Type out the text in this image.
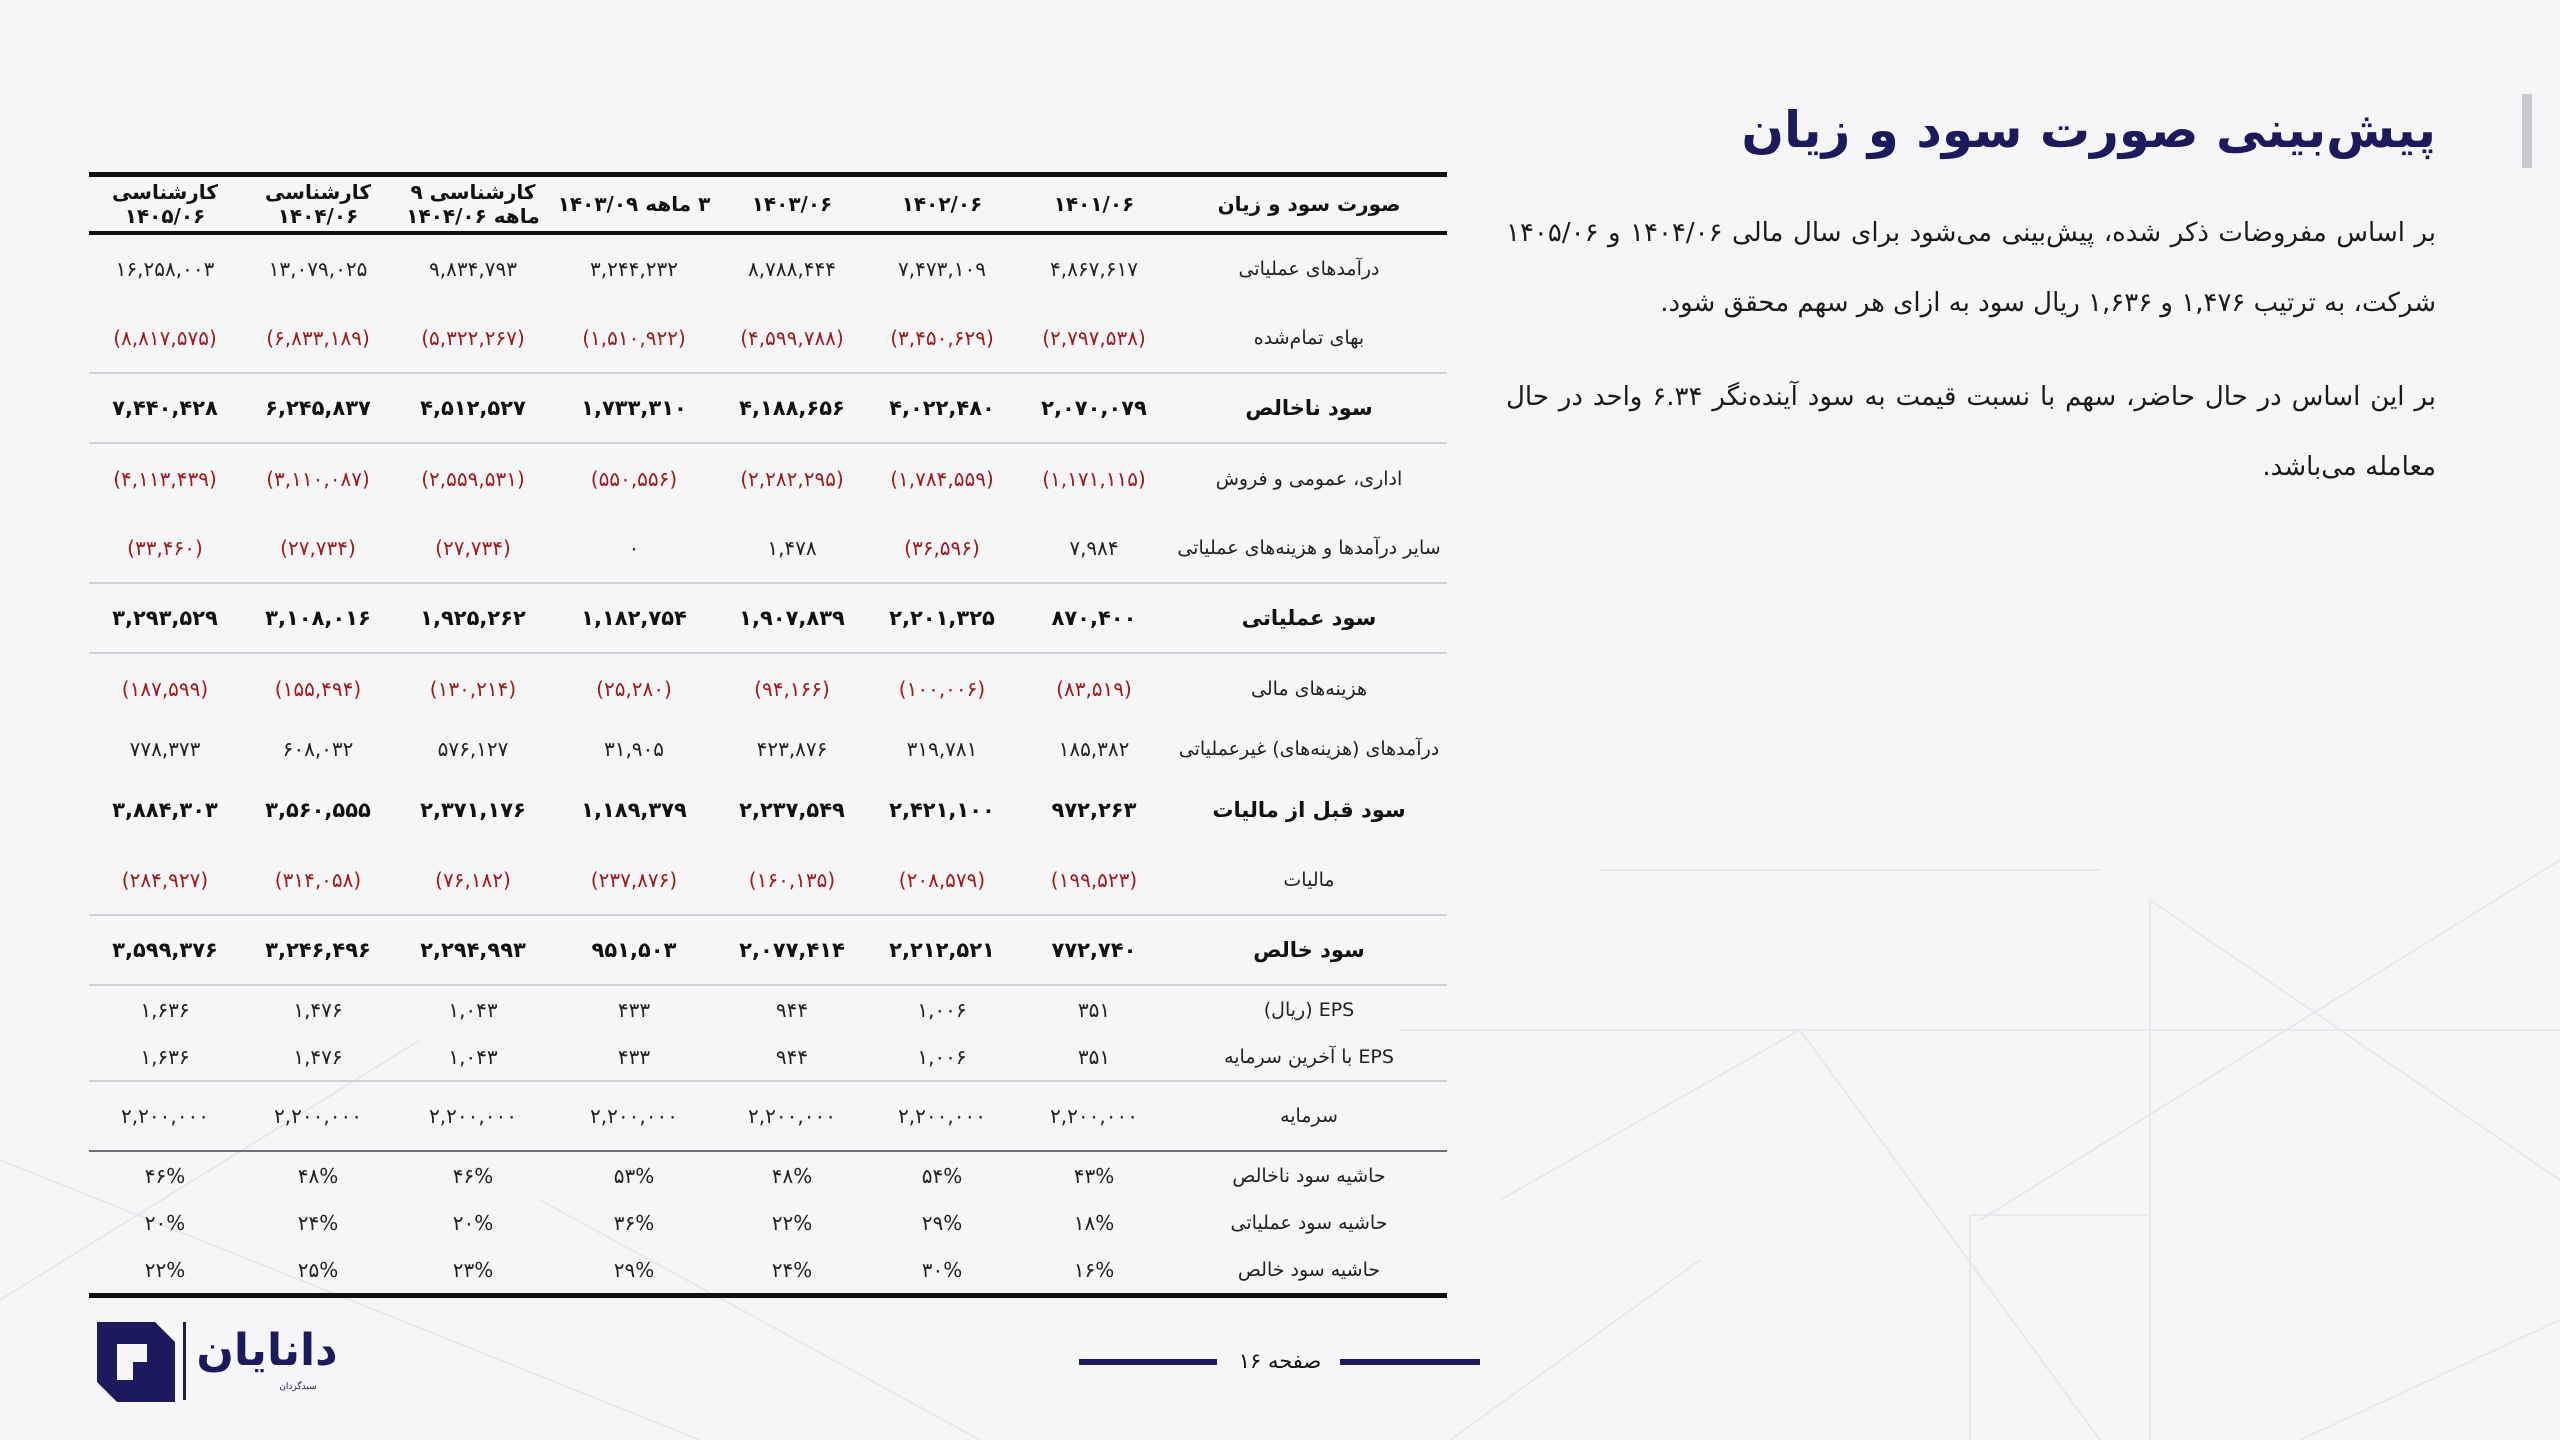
پیش‌بینی صورت سود و زیان

بر اساس مفروضات ذکر شده، پیش‌بینی می‌شود برای سال مالی ۱۴۰۴/۰۶ و ۱۴۰۵/۰۶ شرکت، به ترتیب ۱,۴۷۶ و ۱,۶۳۶ ریال سود به ازای هر سهم محقق شود.

بر این اساس در حال حاضر، سهم با نسبت قیمت به سود آینده‌نگر ۶.۳۴ واحد در حال معامله می‌باشد.

صورت سود و زیان	۱۴۰۱/۰۶	۱۴۰۲/۰۶	۱۴۰۳/۰۶	۳ ماهه ۱۴۰۳/۰۹	کارشناسی ۹ ماهه ۱۴۰۴/۰۶	کارشناسی ۱۴۰۴/۰۶	کارشناسی ۱۴۰۵/۰۶
درآمدهای عملیاتی	۴,۸۶۷,۶۱۷	۷,۴۷۳,۱۰۹	۸,۷۸۸,۴۴۴	۳,۲۴۴,۲۳۲	۹,۸۳۴,۷۹۳	۱۳,۰۷۹,۰۲۵	۱۶,۲۵۸,۰۰۳
بهای تمام‌شده	(۲,۷۹۷,۵۳۸)	(۳,۴۵۰,۶۲۹)	(۴,۵۹۹,۷۸۸)	(۱,۵۱۰,۹۲۲)	(۵,۳۲۲,۲۶۷)	(۶,۸۳۳,۱۸۹)	(۸,۸۱۷,۵۷۵)
سود ناخالص	۲,۰۷۰,۰۷۹	۴,۰۲۲,۴۸۰	۴,۱۸۸,۶۵۶	۱,۷۳۳,۳۱۰	۴,۵۱۲,۵۲۷	۶,۲۴۵,۸۳۷	۷,۴۴۰,۴۲۸
اداری، عمومی و فروش	(۱,۱۷۱,۱۱۵)	(۱,۷۸۴,۵۵۹)	(۲,۲۸۲,۲۹۵)	(۵۵۰,۵۵۶)	(۲,۵۵۹,۵۳۱)	(۳,۱۱۰,۰۸۷)	(۴,۱۱۳,۴۳۹)
سایر درآمدها و هزینه‌های عملیاتی	۷,۹۸۴	(۳۶,۵۹۶)	۱,۴۷۸	۰	(۲۷,۷۳۴)	(۲۷,۷۳۴)	(۳۳,۴۶۰)
سود عملیاتی	۸۷۰,۴۰۰	۲,۲۰۱,۳۲۵	۱,۹۰۷,۸۳۹	۱,۱۸۲,۷۵۴	۱,۹۲۵,۲۶۲	۳,۱۰۸,۰۱۶	۳,۲۹۳,۵۲۹
هزینه‌های مالی	(۸۳,۵۱۹)	(۱۰۰,۰۰۶)	(۹۴,۱۶۶)	(۲۵,۲۸۰)	(۱۳۰,۲۱۴)	(۱۵۵,۴۹۴)	(۱۸۷,۵۹۹)
درآمدهای (هزینه‌های) غیرعملیاتی	۱۸۵,۳۸۲	۳۱۹,۷۸۱	۴۲۳,۸۷۶	۳۱,۹۰۵	۵۷۶,۱۲۷	۶۰۸,۰۳۲	۷۷۸,۳۷۳
سود قبل از مالیات	۹۷۲,۲۶۳	۲,۴۲۱,۱۰۰	۲,۲۳۷,۵۴۹	۱,۱۸۹,۳۷۹	۲,۳۷۱,۱۷۶	۳,۵۶۰,۵۵۵	۳,۸۸۴,۳۰۳
مالیات	(۱۹۹,۵۲۳)	(۲۰۸,۵۷۹)	(۱۶۰,۱۳۵)	(۲۳۷,۸۷۶)	(۷۶,۱۸۲)	(۳۱۴,۰۵۸)	(۲۸۴,۹۲۷)
سود خالص	۷۷۲,۷۴۰	۲,۲۱۲,۵۲۱	۲,۰۷۷,۴۱۴	۹۵۱,۵۰۳	۲,۲۹۴,۹۹۳	۳,۲۴۶,۴۹۶	۳,۵۹۹,۳۷۶
EPS (ریال)	۳۵۱	۱,۰۰۶	۹۴۴	۴۳۳	۱,۰۴۳	۱,۴۷۶	۱,۶۳۶
EPS با آخرین سرمایه	۳۵۱	۱,۰۰۶	۹۴۴	۴۳۳	۱,۰۴۳	۱,۴۷۶	۱,۶۳۶
سرمایه	۲,۲۰۰,۰۰۰	۲,۲۰۰,۰۰۰	۲,۲۰۰,۰۰۰	۲,۲۰۰,۰۰۰	۲,۲۰۰,۰۰۰	۲,۲۰۰,۰۰۰	۲,۲۰۰,۰۰۰
حاشیه سود ناخالص	۴۳%	۵۴%	۴۸%	۵۳%	۴۶%	۴۸%	۴۶%
حاشیه سود عملیاتی	۱۸%	۲۹%	۲۲%	۳۶%	۲۰%	۲۴%	۲۰%
حاشیه سود خالص	۱۶%	۳۰%	۲۴%	۲۹%	۲۳%	۲۵%	۲۲%
صفحه ۱۶
دانایان
سبدگردان
